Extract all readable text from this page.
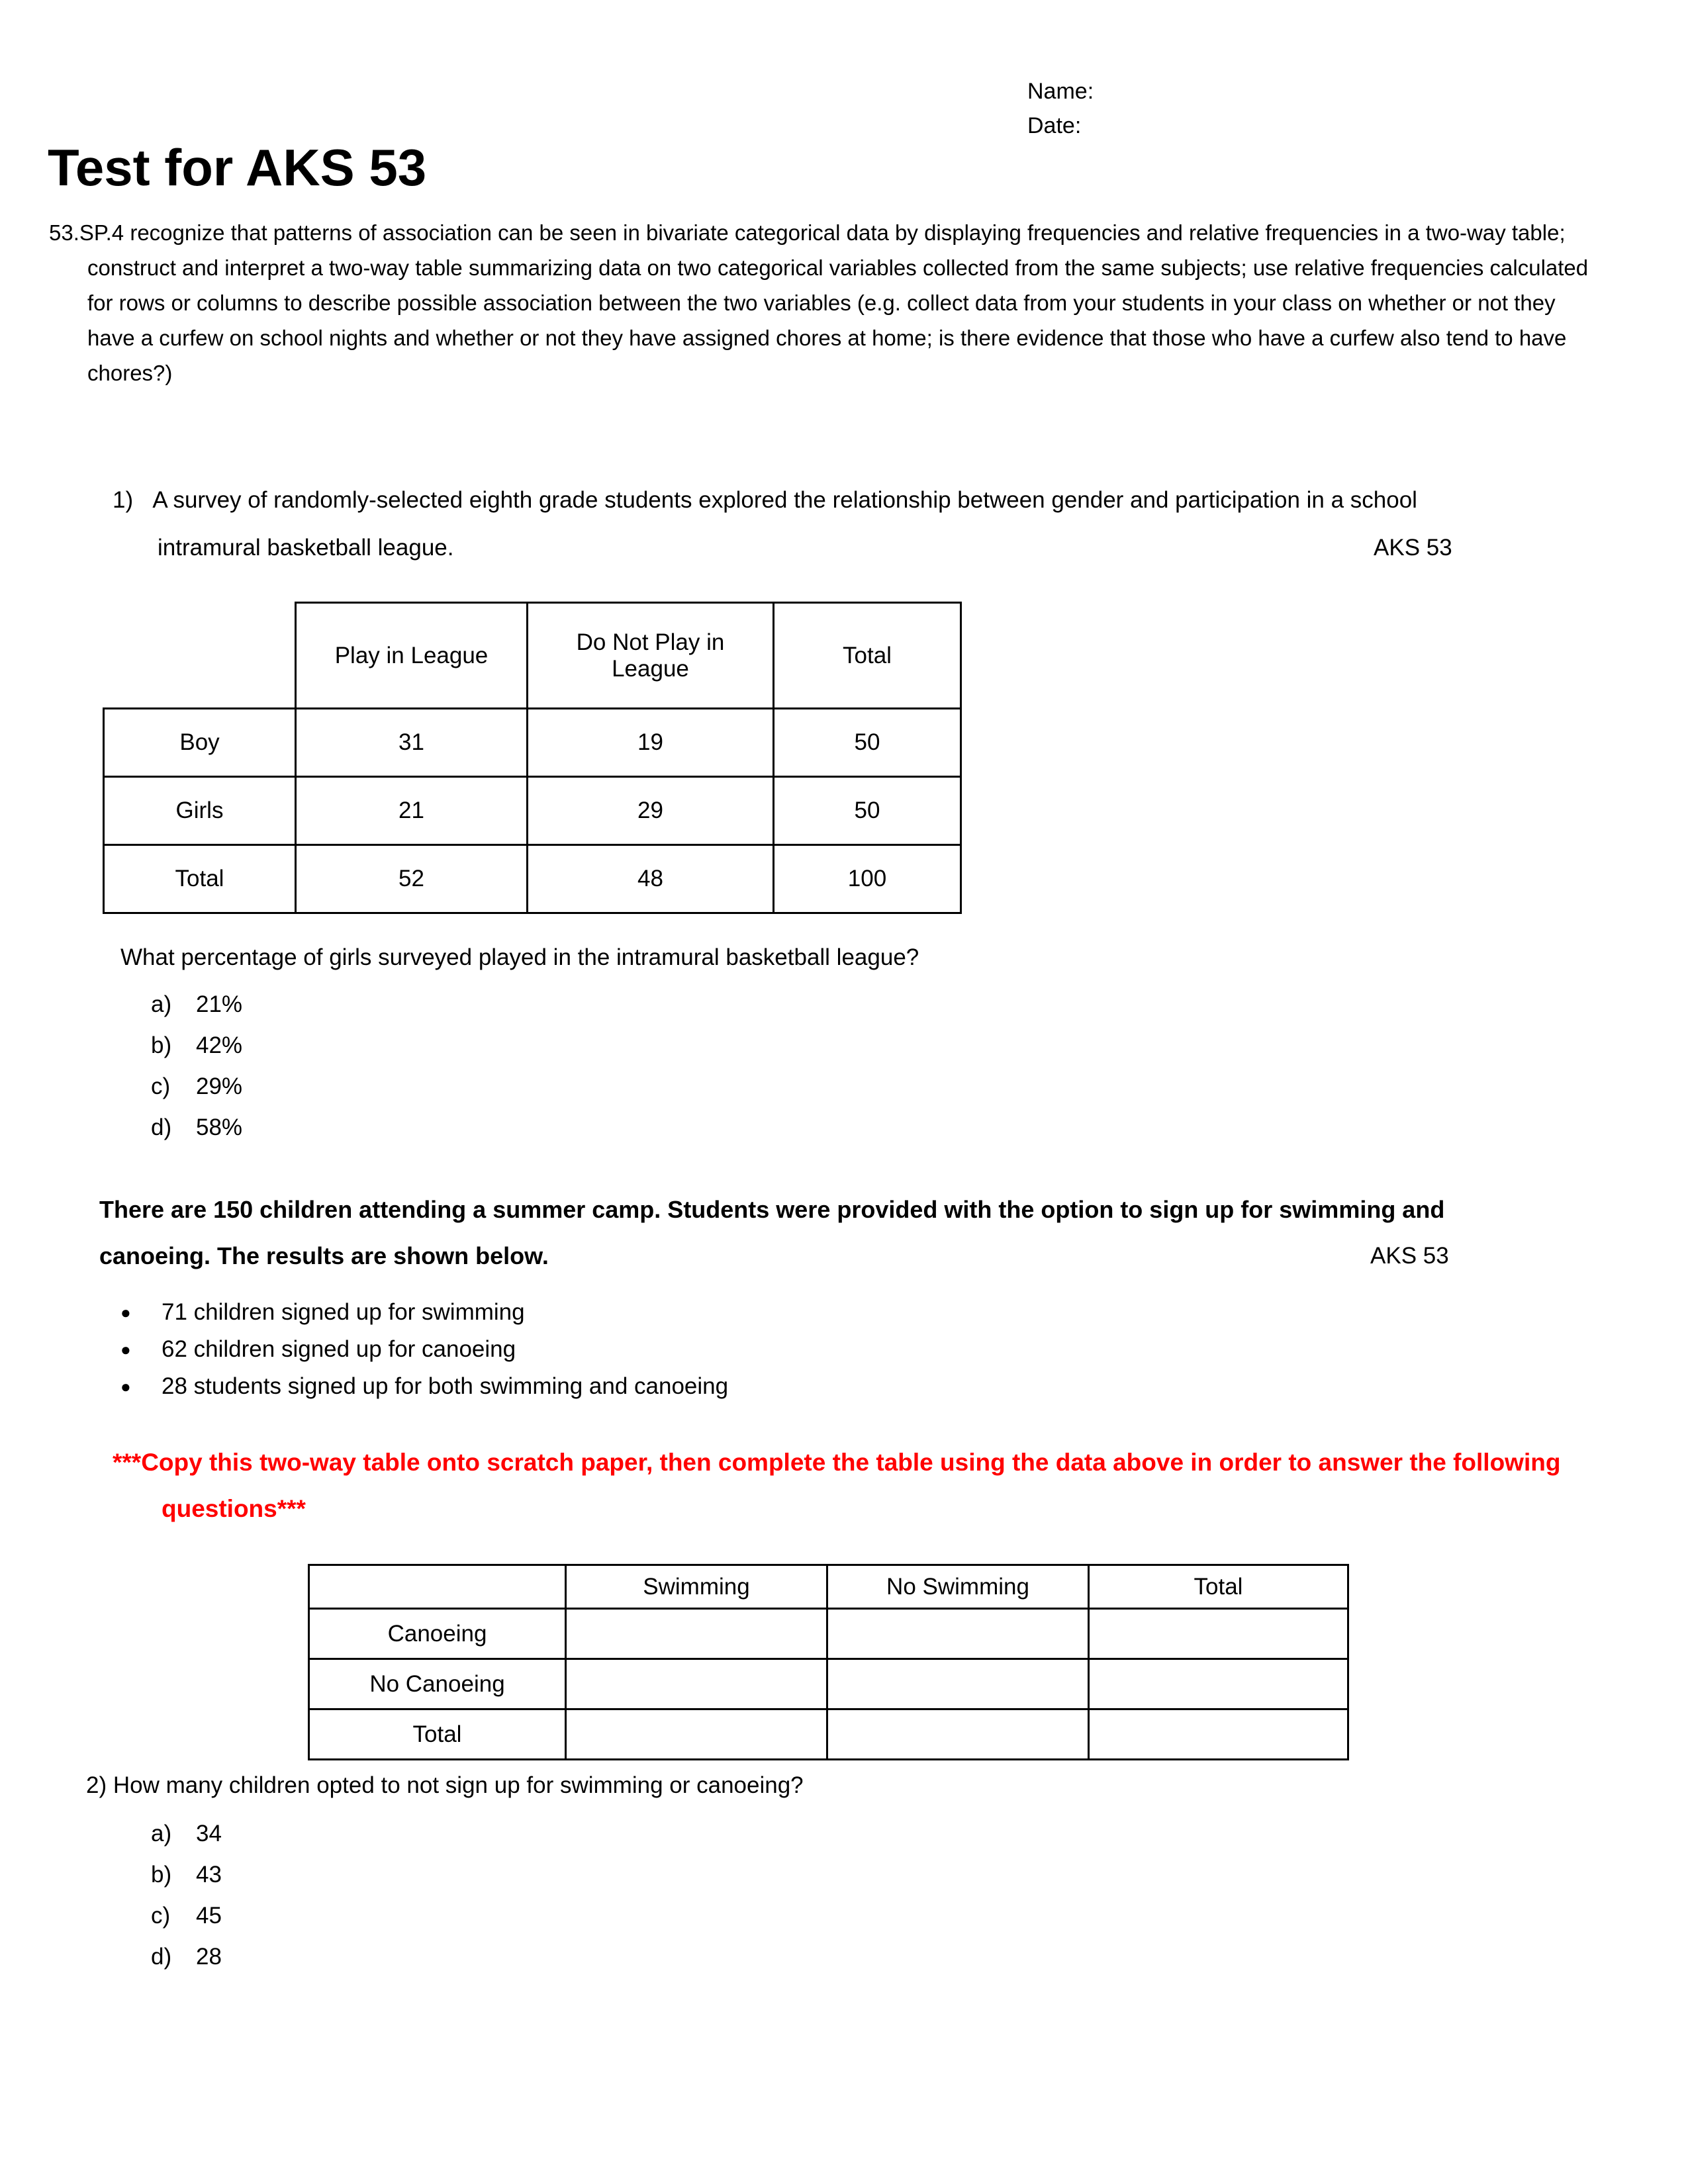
Name:
Date:
Test for AKS 53

53.SP.4 recognize that patterns of association can be seen in bivariate categorical data by displaying frequencies and relative frequencies in a two-way table; construct and interpret a two-way table summarizing data on two categorical variables collected from the same subjects; use relative frequencies calculated for rows or columns to describe possible association between the two variables (e.g. collect data from your students in your class on whether or not they have a curfew on school nights and whether or not they have assigned chores at home; is there evidence that those who have a curfew also tend to have chores?)

1) A survey of randomly-selected eighth grade students explored the relationship between gender and participation in a school intramural basketball league.	AKS 53
	Play in League	Do Not Play in League	Total
Boy	31	19	50
Girls	21	29	50
Total	52	48	100

What percentage of girls surveyed played in the intramural basketball league?

a)	21%
b)	42%
c)	29%
d)	58%

There are 150 children attending a summer camp. Students were provided with the option to sign up for swimming and canoeing. The results are shown below.	AKS 53
●	71 children signed up for swimming
●	62 children signed up for canoeing
●	28 students signed up for both swimming and canoeing

***Copy this two-way table onto scratch paper, then complete the table using the data above in order to answer the following questions***

	Swimming	No Swimming	Total
Canoeing			
No Canoeing			
Total			

2) How many children opted to not sign up for swimming or canoeing?

a)	34
b)	43
c)	45
d)	28
